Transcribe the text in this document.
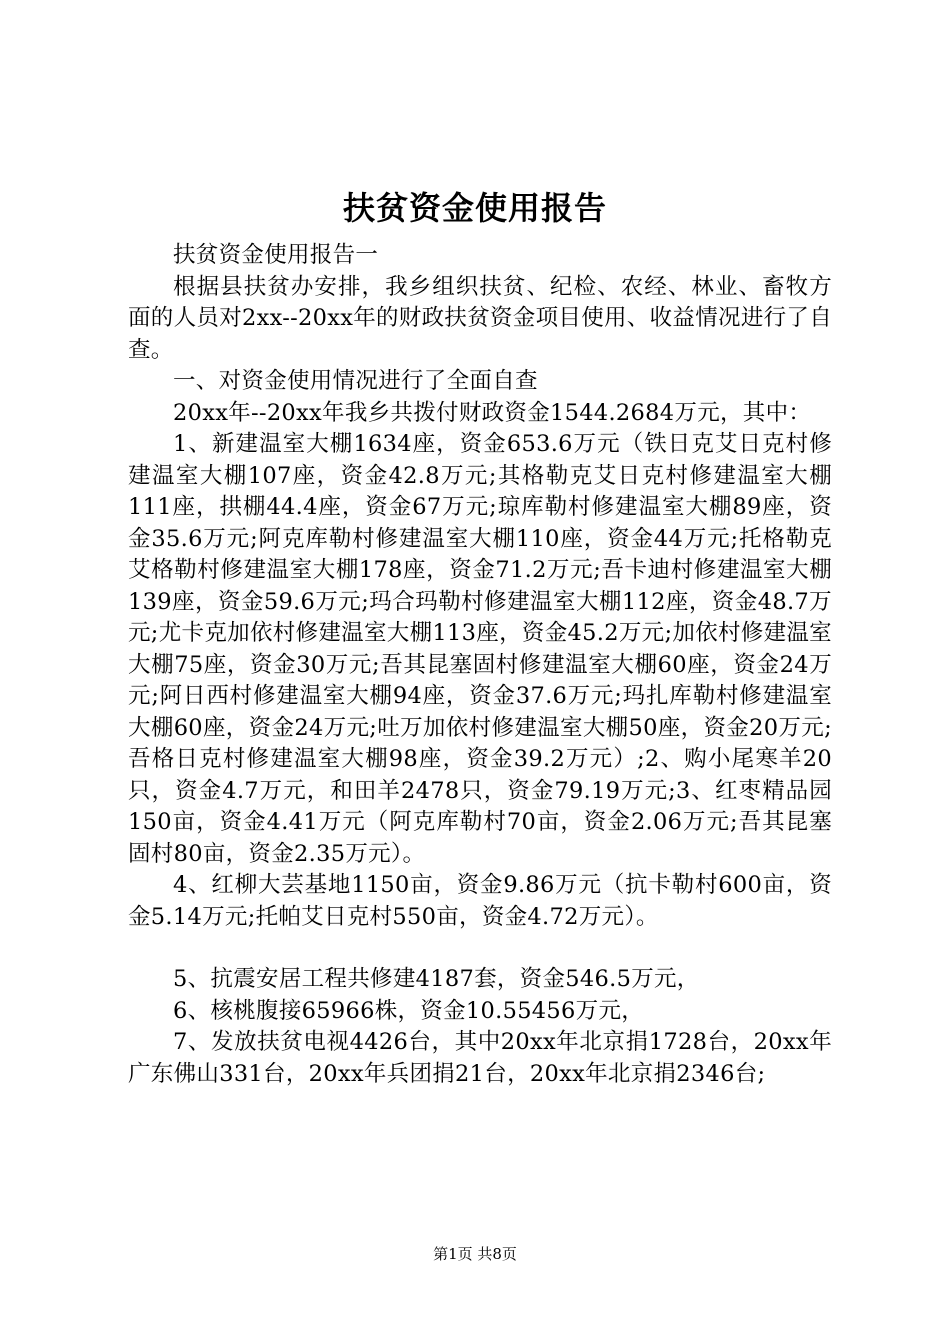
扶贫资金使用报告

扶贫资金使用报告一

根据县扶贫办安排，我乡组织扶贫、纪检、农经、林业、畜牧方面的人员对2xx--20xx年的财政扶贫资金项目使用、收益情况进行了自查。

一、对资金使用情况进行了全面自查

20xx年--20xx年我乡共拨付财政资金1544.2684万元，其中：

1、新建温室大棚1634座，资金653.6万元（铁日克艾日克村修建温室大棚107座，资金42.8万元;其格勒克艾日克村修建温室大棚111座，拱棚44.4座，资金67万元;琼库勒村修建温室大棚89座，资金35.6万元;阿克库勒村修建温室大棚110座，资金44万元;托格勒克艾格勒村修建温室大棚178座，资金71.2万元;吾卡迪村修建温室大棚139座，资金59.6万元;玛合玛勒村修建温室大棚112座，资金48.7万元;尤卡克加依村修建温室大棚113座，资金45.2万元;加依村修建温室大棚75座，资金30万元;吾其昆塞固村修建温室大棚60座，资金24万元;阿日西村修建温室大棚94座，资金37.6万元;玛扎库勒村修建温室大棚60座，资金24万元;吐万加依村修建温室大棚50座，资金20万元;吾格日克村修建温室大棚98座，资金39.2万元）;2、购小尾寒羊20只，资金4.7万元，和田羊2478只，资金79.19万元;3、红枣精品园150亩，资金4.41万元（阿克库勒村70亩，资金2.06万元;吾其昆塞固村80亩，资金2.35万元）。

4、红柳大芸基地1150亩，资金9.86万元（抗卡勒村600亩，资金5.14万元;托帕艾日克村550亩，资金4.72万元）。

5、抗震安居工程共修建4187套，资金546.5万元，

6、核桃腹接65966株，资金10.55456万元，

7、发放扶贫电视4426台，其中20xx年北京捐1728台，20xx年广东佛山331台，20xx年兵团捐21台，20xx年北京捐2346台;

第1页 共8页
